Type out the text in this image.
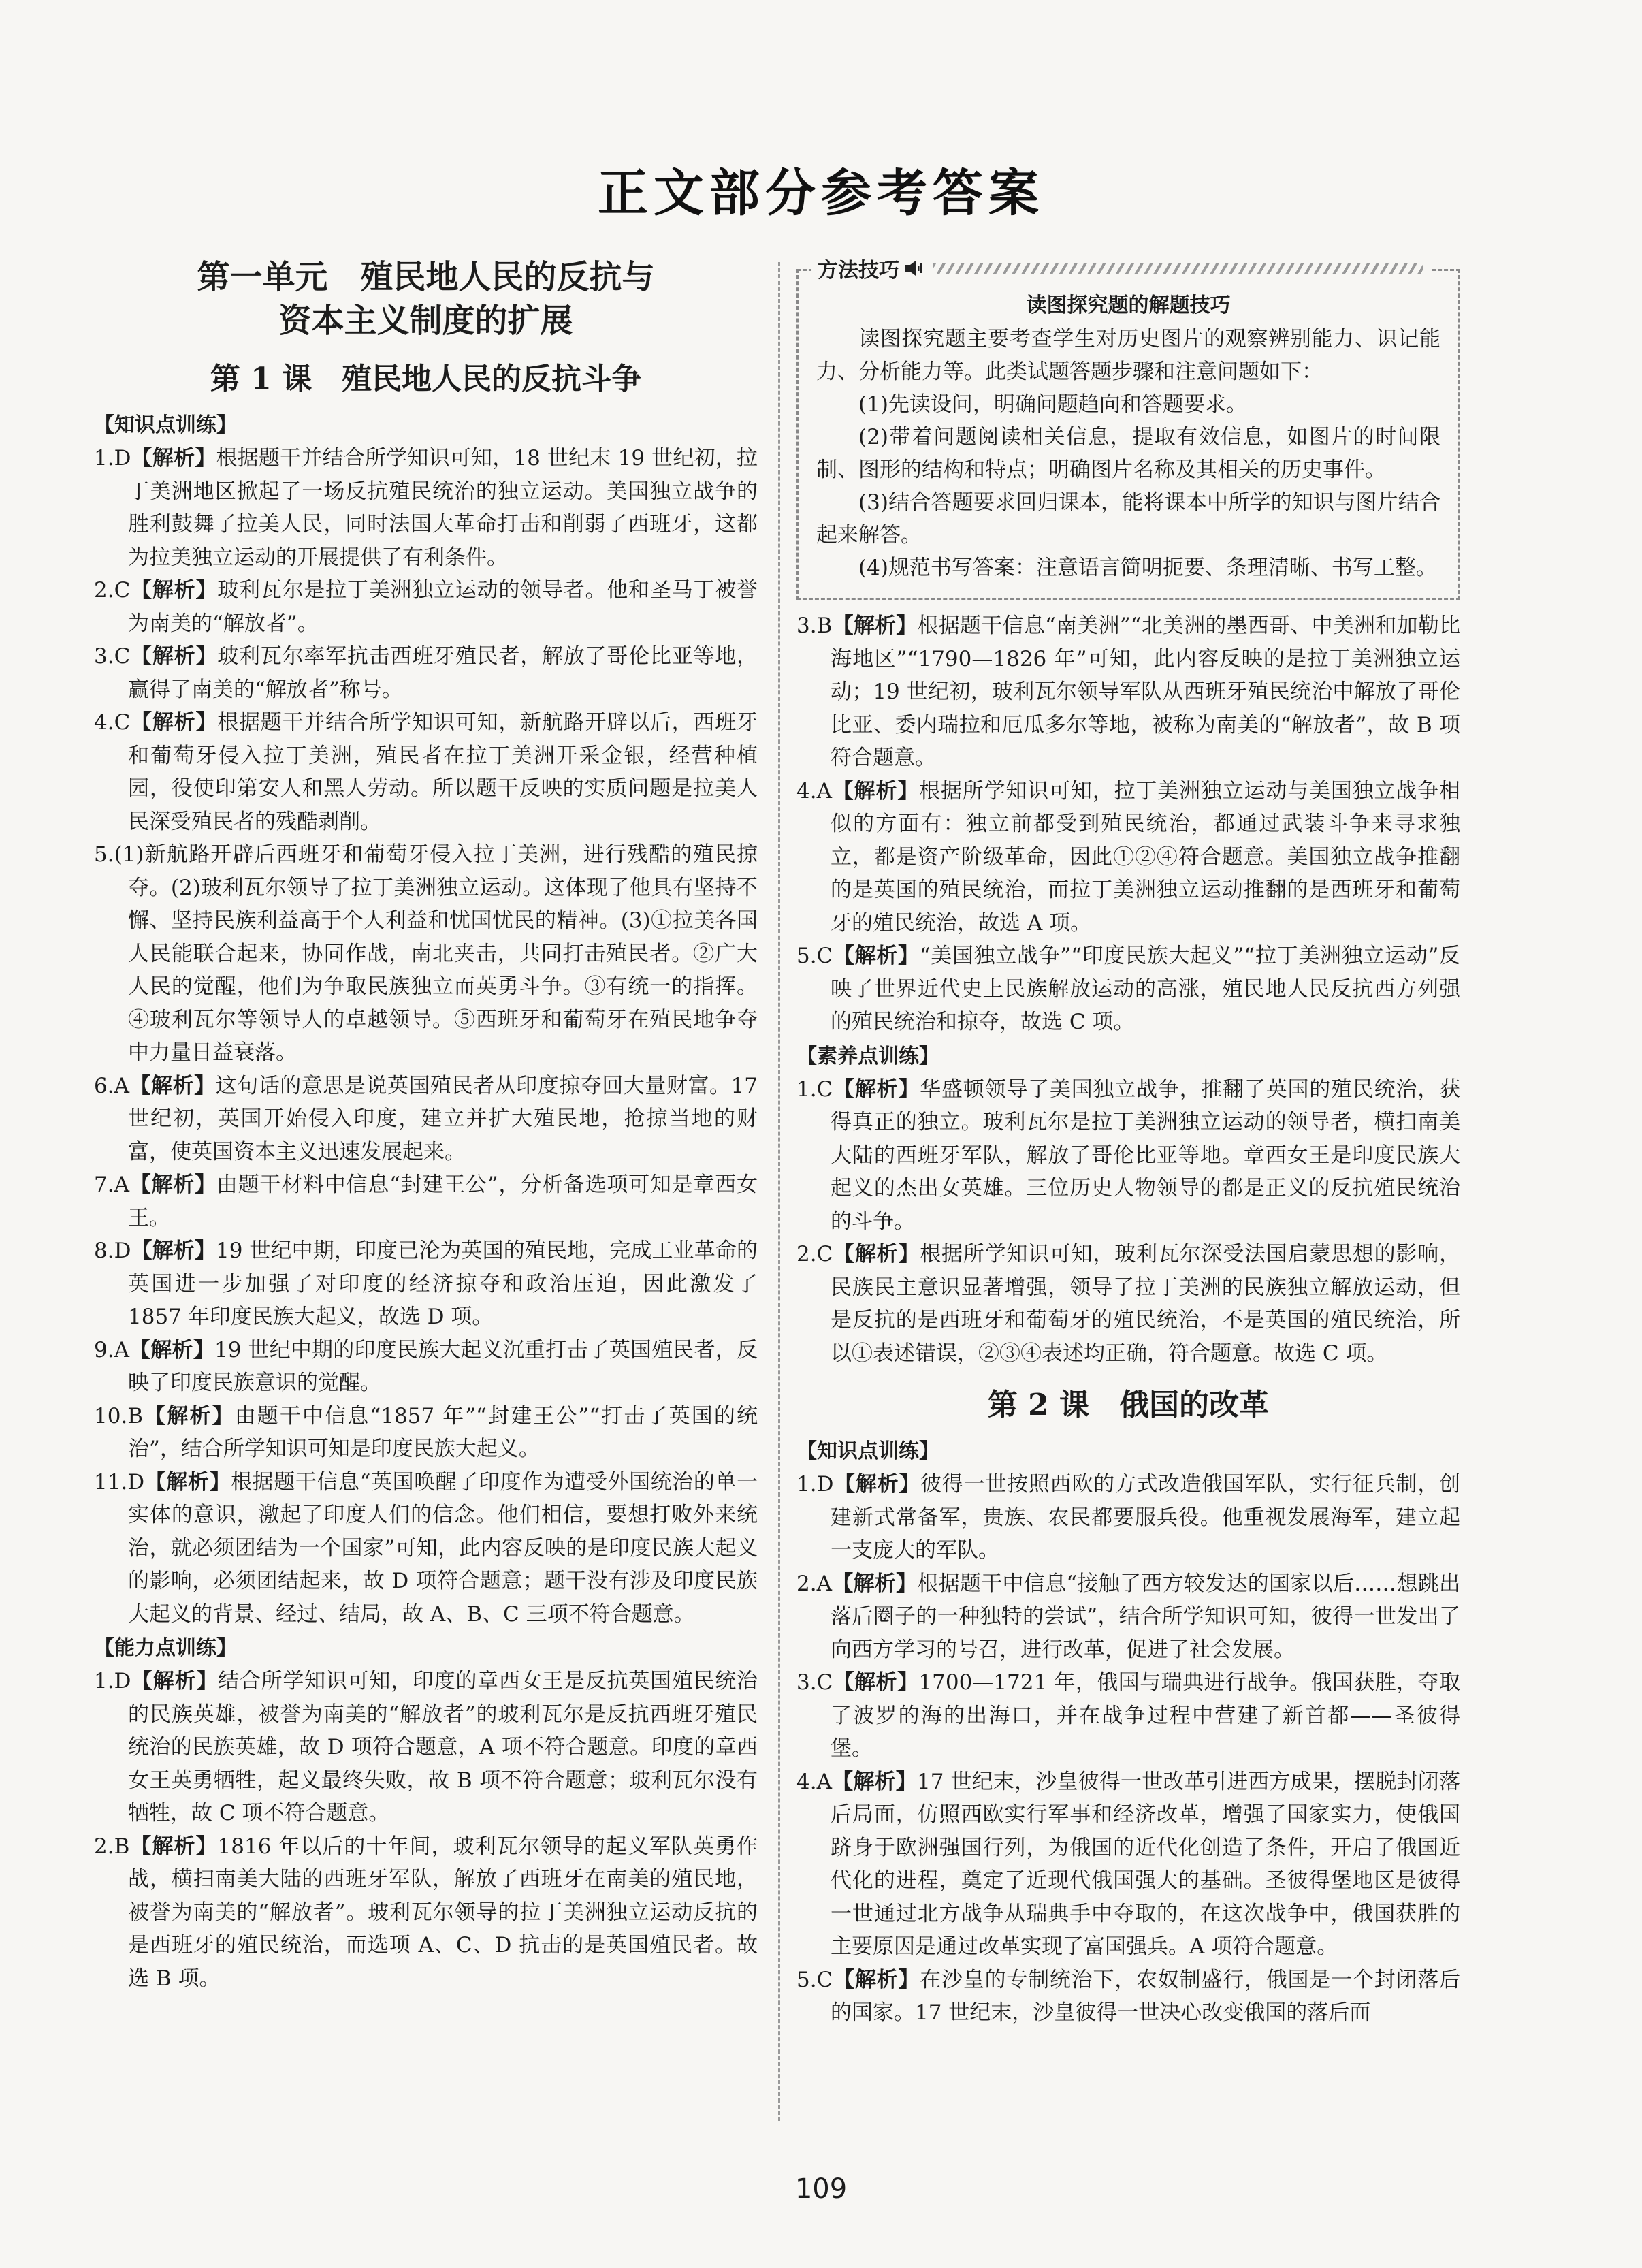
正文部分参考答案
第一单元　殖民地人民的反抗与
资本主义制度的扩展
第 1 课　殖民地人民的反抗斗争
【知识点训练】
1.D【解析】根据题干并结合所学知识可知，18 世纪末 19 世纪初，拉丁美洲地区掀起了一场反抗殖民统治的独立运动。美国独立战争的胜利鼓舞了拉美人民，同时法国大革命打击和削弱了西班牙，这都为拉美独立运动的开展提供了有利条件。
2.C【解析】玻利瓦尔是拉丁美洲独立运动的领导者。他和圣马丁被誉为南美的“解放者”。
3.C【解析】玻利瓦尔率军抗击西班牙殖民者，解放了哥伦比亚等地，赢得了南美的“解放者”称号。
4.C【解析】根据题干并结合所学知识可知，新航路开辟以后，西班牙和葡萄牙侵入拉丁美洲，殖民者在拉丁美洲开采金银，经营种植园，役使印第安人和黑人劳动。所以题干反映的实质问题是拉美人民深受殖民者的残酷剥削。
5.(1)新航路开辟后西班牙和葡萄牙侵入拉丁美洲，进行残酷的殖民掠夺。(2)玻利瓦尔领导了拉丁美洲独立运动。这体现了他具有坚持不懈、坚持民族利益高于个人利益和忧国忧民的精神。(3)①拉美各国人民能联合起来，协同作战，南北夹击，共同打击殖民者。②广大人民的觉醒，他们为争取民族独立而英勇斗争。③有统一的指挥。④玻利瓦尔等领导人的卓越领导。⑤西班牙和葡萄牙在殖民地争夺中力量日益衰落。
6.A【解析】这句话的意思是说英国殖民者从印度掠夺回大量财富。17 世纪初，英国开始侵入印度，建立并扩大殖民地，抢掠当地的财富，使英国资本主义迅速发展起来。
7.A【解析】由题干材料中信息“封建王公”，分析备选项可知是章西女王。
8.D【解析】19 世纪中期，印度已沦为英国的殖民地，完成工业革命的英国进一步加强了对印度的经济掠夺和政治压迫，因此激发了 1857 年印度民族大起义，故选 D 项。
9.A【解析】19 世纪中期的印度民族大起义沉重打击了英国殖民者，反映了印度民族意识的觉醒。
10.B【解析】由题干中信息“1857 年”“封建王公”“打击了英国的统治”，结合所学知识可知是印度民族大起义。
11.D【解析】根据题干信息“英国唤醒了印度作为遭受外国统治的单一实体的意识，激起了印度人们的信念。他们相信，要想打败外来统治，就必须团结为一个国家”可知，此内容反映的是印度民族大起义的影响，必须团结起来，故 D 项符合题意；题干没有涉及印度民族大起义的背景、经过、结局，故 A、B、C 三项不符合题意。
【能力点训练】
1.D【解析】结合所学知识可知，印度的章西女王是反抗英国殖民统治的民族英雄，被誉为南美的“解放者”的玻利瓦尔是反抗西班牙殖民统治的民族英雄，故 D 项符合题意，A 项不符合题意。印度的章西女王英勇牺牲，起义最终失败，故 B 项不符合题意；玻利瓦尔没有牺牲，故 C 项不符合题意。
2.B【解析】1816 年以后的十年间，玻利瓦尔领导的起义军队英勇作战，横扫南美大陆的西班牙军队，解放了西班牙在南美的殖民地，被誉为南美的“解放者”。玻利瓦尔领导的拉丁美洲独立运动反抗的是西班牙的殖民统治，而选项 A、C、D 抗击的是英国殖民者。故选 B 项。
方法技巧
读图探究题的解题技巧
读图探究题主要考查学生对历史图片的观察辨别能力、识记能力、分析能力等。此类试题答题步骤和注意问题如下：
(1)先读设问，明确问题趋向和答题要求。
(2)带着问题阅读相关信息，提取有效信息，如图片的时间限制、图形的结构和特点；明确图片名称及其相关的历史事件。
(3)结合答题要求回归课本，能将课本中所学的知识与图片结合起来解答。
(4)规范书写答案：注意语言简明扼要、条理清晰、书写工整。
3.B【解析】根据题干信息“南美洲”“北美洲的墨西哥、中美洲和加勒比海地区”“1790—1826 年”可知，此内容反映的是拉丁美洲独立运动；19 世纪初，玻利瓦尔领导军队从西班牙殖民统治中解放了哥伦比亚、委内瑞拉和厄瓜多尔等地，被称为南美的“解放者”，故 B 项符合题意。
4.A【解析】根据所学知识可知，拉丁美洲独立运动与美国独立战争相似的方面有：独立前都受到殖民统治，都通过武装斗争来寻求独立，都是资产阶级革命，因此①②④符合题意。美国独立战争推翻的是英国的殖民统治，而拉丁美洲独立运动推翻的是西班牙和葡萄牙的殖民统治，故选 A 项。
5.C【解析】“美国独立战争”“印度民族大起义”“拉丁美洲独立运动”反映了世界近代史上民族解放运动的高涨，殖民地人民反抗西方列强的殖民统治和掠夺，故选 C 项。
【素养点训练】
1.C【解析】华盛顿领导了美国独立战争，推翻了英国的殖民统治，获得真正的独立。玻利瓦尔是拉丁美洲独立运动的领导者，横扫南美大陆的西班牙军队，解放了哥伦比亚等地。章西女王是印度民族大起义的杰出女英雄。三位历史人物领导的都是正义的反抗殖民统治的斗争。
2.C【解析】根据所学知识可知，玻利瓦尔深受法国启蒙思想的影响，民族民主意识显著增强，领导了拉丁美洲的民族独立解放运动，但是反抗的是西班牙和葡萄牙的殖民统治，不是英国的殖民统治，所以①表述错误，②③④表述均正确，符合题意。故选 C 项。
第 2 课　俄国的改革
【知识点训练】
1.D【解析】彼得一世按照西欧的方式改造俄国军队，实行征兵制，创建新式常备军，贵族、农民都要服兵役。他重视发展海军，建立起一支庞大的军队。
2.A【解析】根据题干中信息“接触了西方较发达的国家以后……想跳出落后圈子的一种独特的尝试”，结合所学知识可知，彼得一世发出了向西方学习的号召，进行改革，促进了社会发展。
3.C【解析】1700—1721 年，俄国与瑞典进行战争。俄国获胜，夺取了波罗的海的出海口，并在战争过程中营建了新首都——圣彼得堡。
4.A【解析】17 世纪末，沙皇彼得一世改革引进西方成果，摆脱封闭落后局面，仿照西欧实行军事和经济改革，增强了国家实力，使俄国跻身于欧洲强国行列，为俄国的近代化创造了条件，开启了俄国近代化的进程，奠定了近现代俄国强大的基础。圣彼得堡地区是彼得一世通过北方战争从瑞典手中夺取的，在这次战争中，俄国获胜的主要原因是通过改革实现了富国强兵。A 项符合题意。
5.C【解析】在沙皇的专制统治下，农奴制盛行，俄国是一个封闭落后的国家。17 世纪末，沙皇彼得一世决心改变俄国的落后面
109
